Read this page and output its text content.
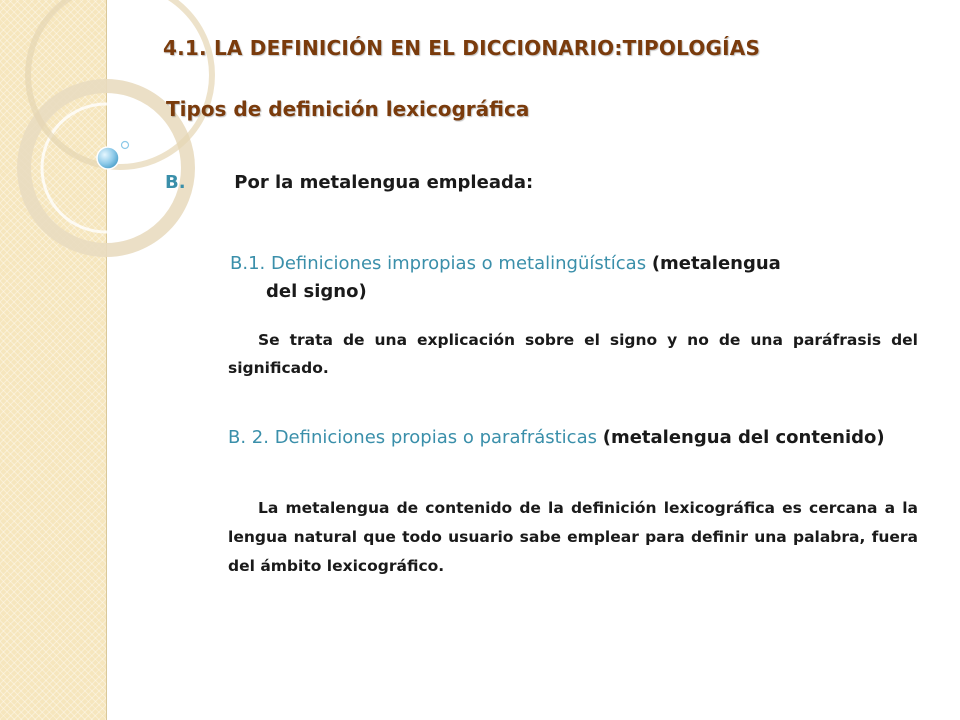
4.1. LA DEFINICIÓN EN EL DICCIONARIO:TIPOLOGÍAS
Tipos de definición lexicográfica
B.	Por la metalengua empleada:
B.1. Definiciones impropias o metalingüístícas (metalengua
del signo)

Se trata de una explicación sobre el signo y no de una paráfrasis del significado.

B. 2. Definiciones propias o parafrásticas (metalengua del contenido)

La metalengua de contenido de la definición lexicográfica es cercana a la lengua natural que todo usuario sabe emplear para definir una palabra, fuera del ámbito lexicográfico.
